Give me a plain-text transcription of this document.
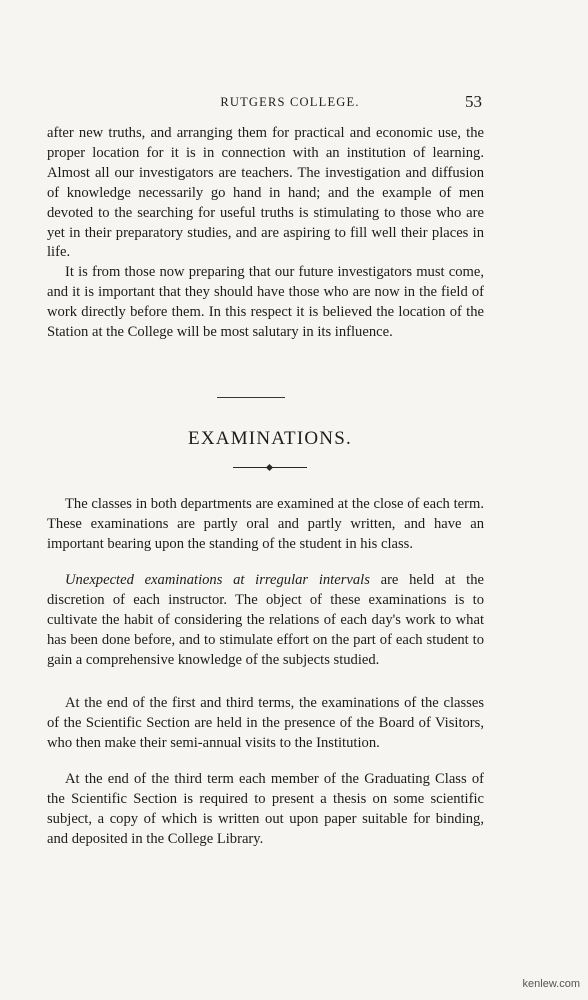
RUTGERS COLLEGE.	53

after new truths, and arranging them for practical and economic use, the proper location for it is in connection with an institution of learning. Almost all our investigators are teachers. The investigation and diffusion of knowledge necessarily go hand in hand; and the example of men devoted to the searching for useful truths is stimulating to those who are yet in their preparatory studies, and are aspiring to fill well their places in life.

It is from those now preparing that our future investigators must come, and it is important that they should have those who are now in the field of work directly before them. In this respect it is believed the location of the Station at the College will be most salutary in its influence.

EXAMINATIONS.

The classes in both departments are examined at the close of each term. These examinations are partly oral and partly written, and have an important bearing upon the standing of the student in his class.

Unexpected examinations at irregular intervals are held at the discretion of each instructor. The object of these examinations is to cultivate the habit of considering the relations of each day's work to what has been done before, and to stimulate effort on the part of each student to gain a comprehensive knowledge of the subjects studied.

At the end of the first and third terms, the examinations of the classes of the Scientific Section are held in the presence of the Board of Visitors, who then make their semi-annual visits to the Institution.

At the end of the third term each member of the Graduating Class of the Scientific Section is required to present a thesis on some scientific subject, a copy of which is written out upon paper suitable for binding, and deposited in the College Library.

kenlew.com
